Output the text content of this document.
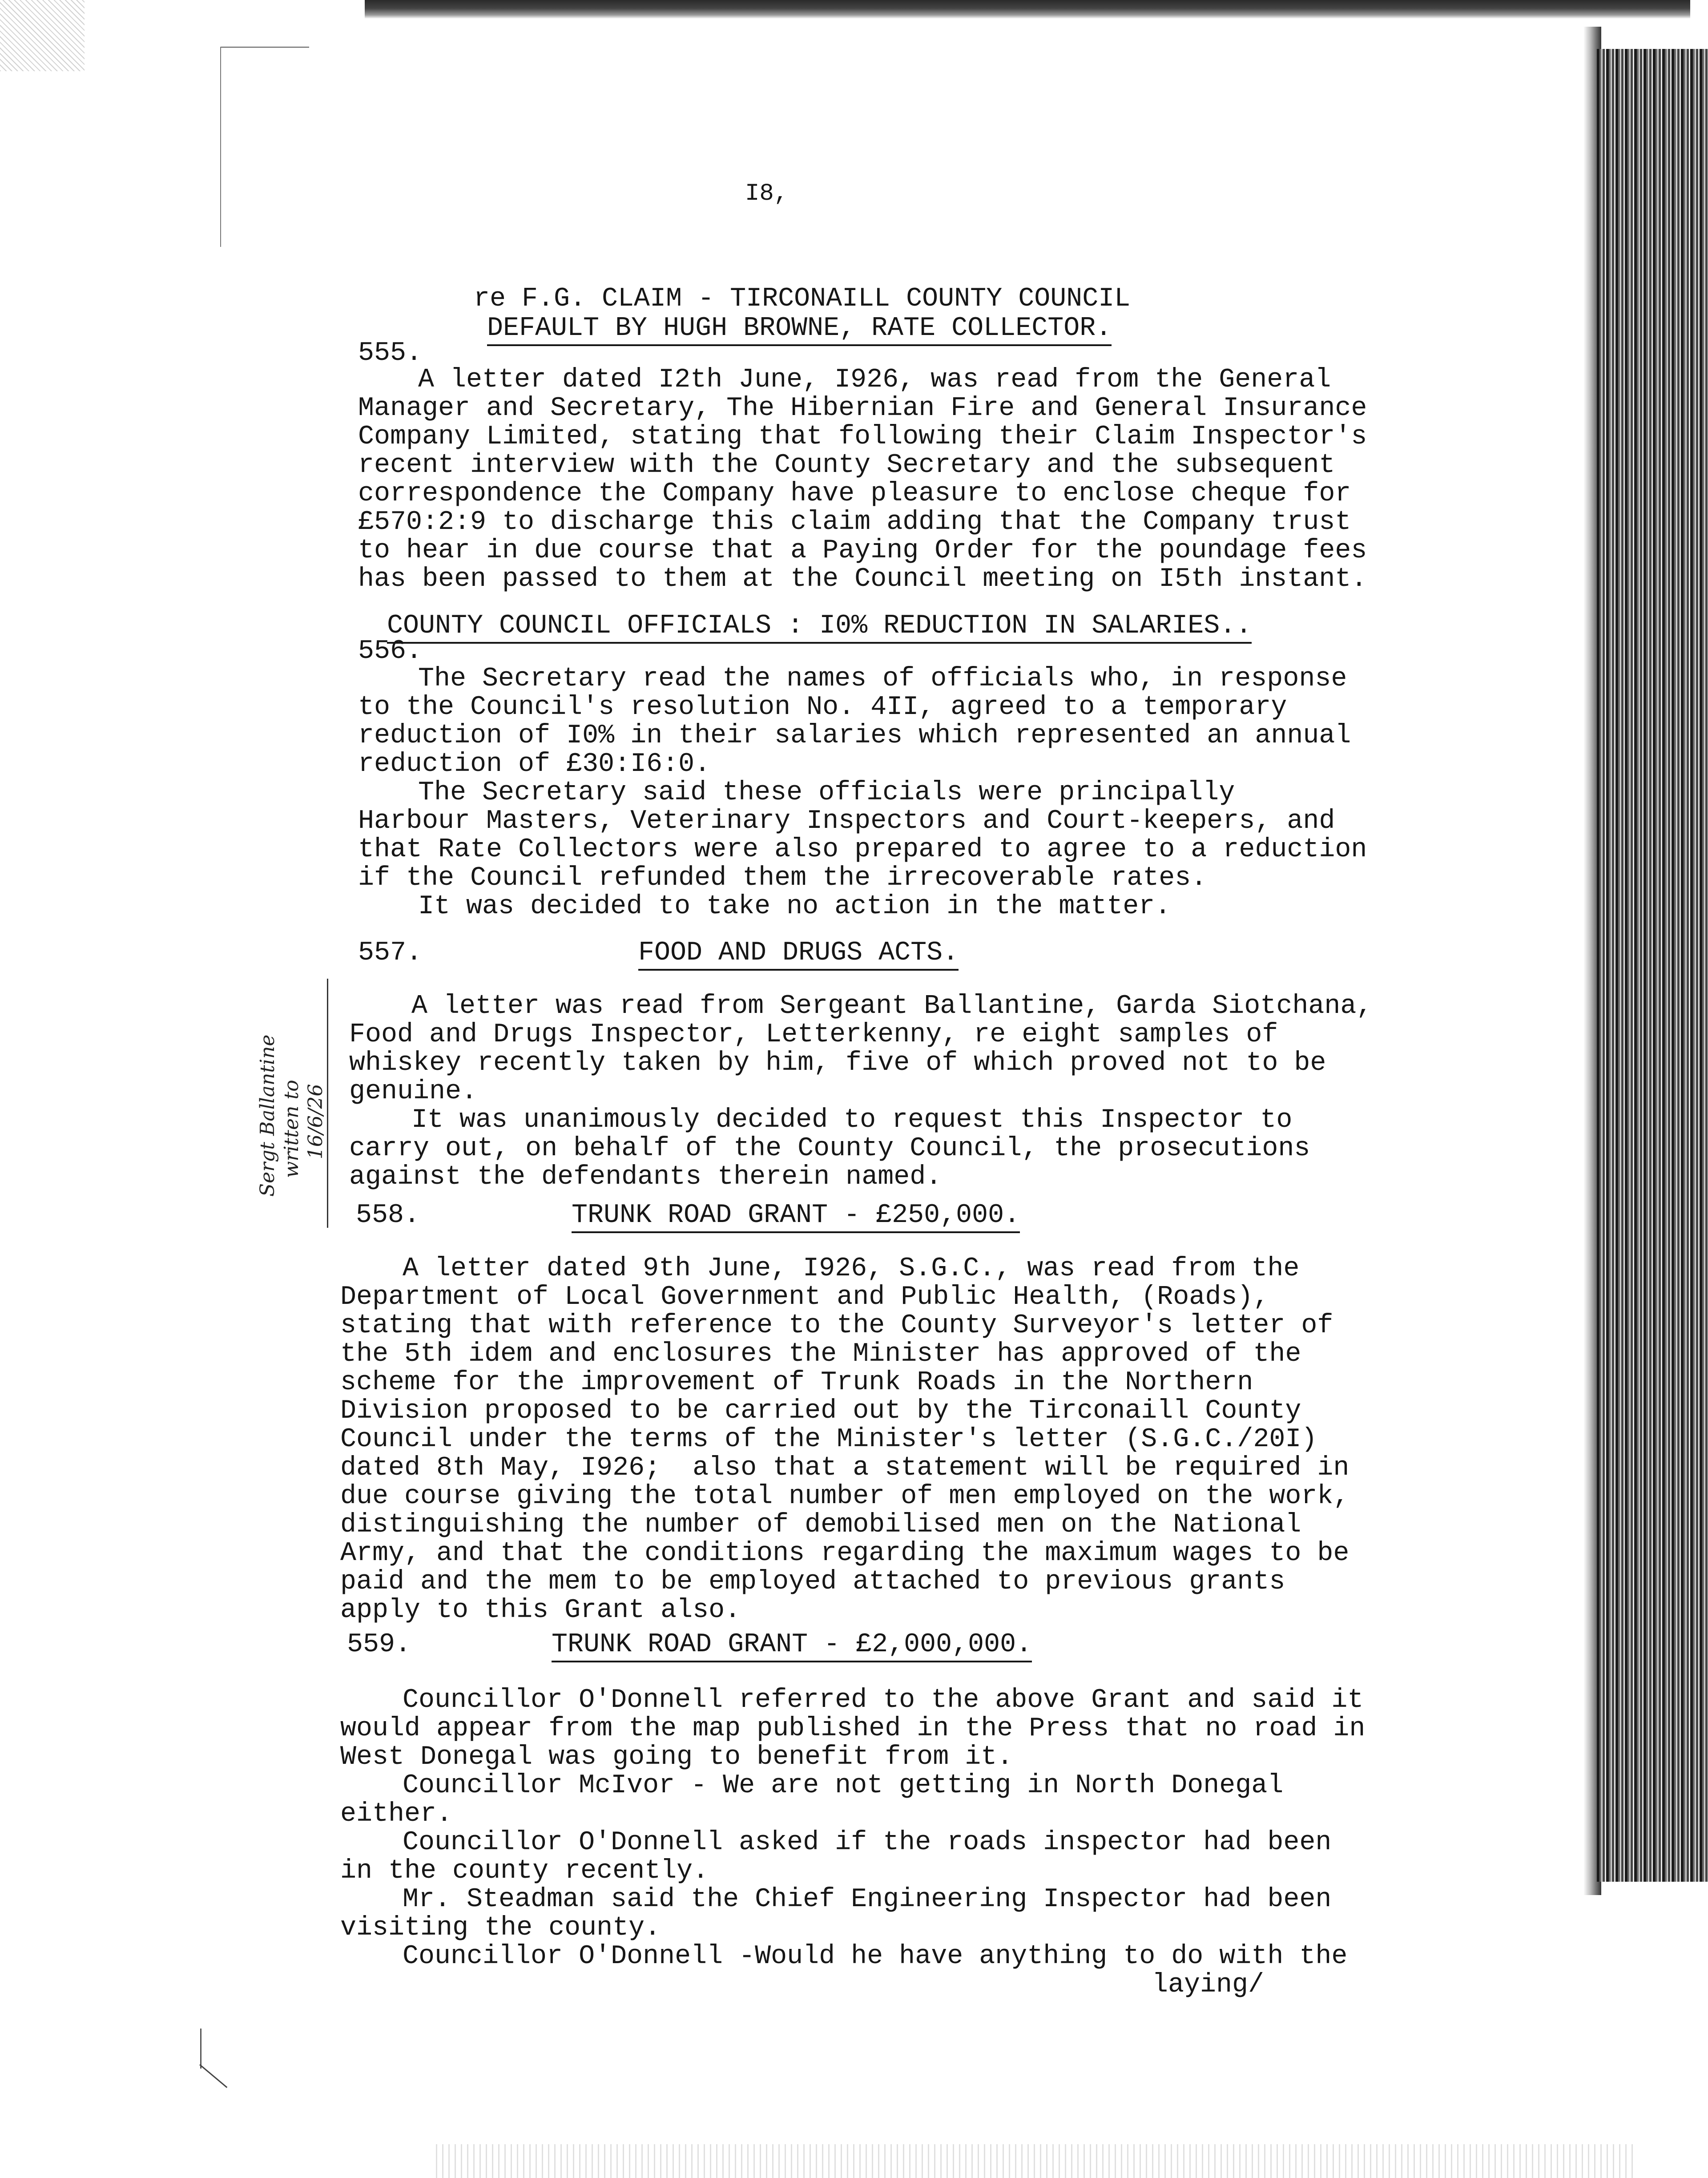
I8,
re F.G. CLAIM - TIRCONAILL COUNTY COUNCIL
DEFAULT BY HUGH BROWNE, RATE COLLECTOR.
555.
A letter dated I2th June, I926, was read from the General
Manager and Secretary, The Hibernian Fire and General Insurance
Company Limited, stating that following their Claim Inspector's
recent interview with the County Secretary and the subsequent
correspondence the Company have pleasure to enclose cheque for
£570:2:9 to discharge this claim adding that the Company trust
to hear in due course that a Paying Order for the poundage fees
has been passed to them at the Council meeting on I5th instant.
COUNTY COUNCIL OFFICIALS : I0% REDUCTION IN SALARIES..
556.
The Secretary read the names of officials who, in response
to the Council's resolution No. 4II, agreed to a temporary
reduction of I0% in their salaries which represented an annual
reduction of £30:I6:0.
The Secretary said these officials were principally
Harbour Masters, Veterinary Inspectors and Court-keepers, and
that Rate Collectors were also prepared to agree to a reduction
if the Council refunded them the irrecoverable rates.
It was decided to take no action in the matter.
557.	FOOD AND DRUGS ACTS.
A letter was read from Sergeant Ballantine, Garda Siotchana,
Food and Drugs Inspector, Letterkenny, re eight samples of
whiskey recently taken by him, five of which proved not to be
genuine.
It was unanimously decided to request this Inspector to
carry out, on behalf of the County Council, the prosecutions
against the defendants therein named.
Sergt Ballantine
written to
16/6/26
558.	TRUNK ROAD GRANT - £250,000.
A letter dated 9th June, I926, S.G.C., was read from the
Department of Local Government and Public Health, (Roads),
stating that with reference to the County Surveyor's letter of
the 5th idem and enclosures the Minister has approved of the
scheme for the improvement of Trunk Roads in the Northern
Division proposed to be carried out by the Tirconaill County
Council under the terms of the Minister's letter (S.G.C./20I)
dated 8th May, I926;  also that a statement will be required in
due course giving the total number of men employed on the work,
distinguishing the number of demobilised men on the National
Army, and that the conditions regarding the maximum wages to be
paid and the mem to be employed attached to previous grants
apply to this Grant also.
559.	TRUNK ROAD GRANT - £2,000,000.
Councillor O'Donnell referred to the above Grant and said it
would appear from the map published in the Press that no road in
West Donegal was going to benefit from it.
Councillor McIvor - We are not getting in North Donegal
either.
Councillor O'Donnell asked if the roads inspector had been
in the county recently.
Mr. Steadman said the Chief Engineering Inspector had been
visiting the county.
Councillor O'Donnell -Would he have anything to do with the
laying/
